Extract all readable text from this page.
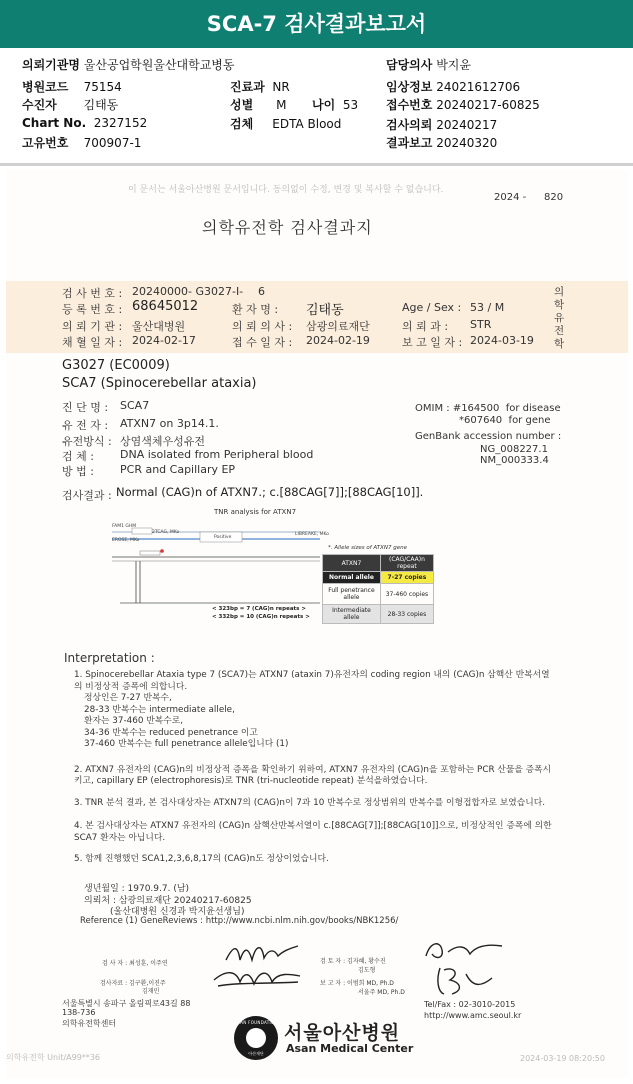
SCA-7 검사결과보고서
의뢰기관명 울산공업학원울산대학교병동
병원코드 75154
수진자 김태동
Chart No. 2327152
고유번호 700907-1
진료과 NR
성별 M 나이 53
검체 EDTA Blood
담당의사 박지윤
임상정보 24021612706
접수번호 20240217-60825
검사의뢰 20240217
결과보고 20240320
이 문서는 서울아산병원 문서입니다. 동의없이 수정, 변경 및 복사할 수 없습니다.
2024 - 820
의학유전학 검사결과지
검 사 번 호 : 20240000- G3027-I- 6
등 록 번 호 : 68645012	환 자 명 : 김태동	Age / Sex : 53 / M
의 뢰 기 관 : 울산대병원	의 뢰 의 사 : 삼광의료재단	의 뢰 과 : STR
채 혈 일 자 : 2024-02-17	접 수 일 자 : 2024-02-19	보 고 일 자 : 2024-03-19
의학유전학
G3027 (EC0009)
SCA7 (Spinocerebellar ataxia)
진 단 명 : SCA7
유 전 자 : ATXN7 on 3p14.1.
유전방식 : 상염색체우성유전
검 체 : DNA isolated from Peripheral blood
방 법 : PCR and Capillary EP
OMIM : #164500 for disease
*607640 for gene
GenBank accession number :
NG_008227.1
NM_000333.4
검사결과 : Normal (CAG)n of ATXN7.; c.[88CAG[7]];[88CAG[10]].
TNR analysis for ATXN7
FAM1 GHM
2TCAG, MKo
EROSE, MKo
Positive
LIBREAKE, MKo
< 323bp = 7 (CAG)n repeats >
< 332bp = 10 (CAG)n repeats >
*. Allele sizes of ATXN7 gene
ATXN7	(CAG/CAA)n repeat
Normal allele	7-27 copies
Full penetrance allele	37-460 copies
Intermediate allele	28-33 copies
Interpretation :

1. Spinocerebellar Ataxia type 7 (SCA7)는 ATXN7 (ataxin 7)유전자의 coding region 내의 (CAG)n 삼핵산 반복서열의 비정상적 증폭에 의합니다.

정상인은 7-27 반복수,

28-33 반복수는 intermediate allele,

환자는 37-460 반복수로,

34-36 반복수는 reduced penetrance 이고

37-460 반복수는 full penetrance allele입니다 (1)

2. ATXN7 유전자의 (CAG)n의 비정상적 증폭을 확인하기 위하여, ATXN7 유전자의 (CAG)n을 포함하는 PCR 산물을 증폭시키고, capillary EP (electrophoresis)로 TNR (tri-nucleotide repeat) 분석을하였습니다.

3. TNR 분석 결과, 본 검사대상자는 ATXN7의 (CAG)n이 7과 10 반복수로 정상범위의 반복수를 이형접합자로 보였습니다.

4. 본 검사대상자는 ATXN7 유전자의 (CAG)n 삼핵산반복서열이 c.[88CAG[7]];[88CAG[10]]으로, 비정상적인 증폭에 의한 SCA7 환자는 아닙니다.

5. 함께 진행했던 SCA1,2,3,6,8,17의 (CAG)n도 정상이었습니다.

생년월일 : 1970.9.7. (남)
의뢰처 : 삼광의료재단 20240217-60825
(울산대병원 신경과 박지윤선생님)
Reference (1) GeneReviews : http://www.ncbi.nlm.nih.gov/books/NBK1256/
검 사 자 : 최성훈, 이주연
검사자료 : 김구환,이진주
김재민
검 토 자 : 김자혜, 황수진
김도형
보 고 자 : 이범희 MD, Ph.D
서울주 MD, Ph.D
서울특별시 송파구 올림픽로43길 88
138-736
의학유전학센터
Tel/Fax : 02-3010-2015
http://www.amc.seoul.kr
ASAN FOUNDATION
아산재단
서울아산병원
Asan Medical Center
의학유전학 Unit/A99**36	2024-03-19 08:20:50
